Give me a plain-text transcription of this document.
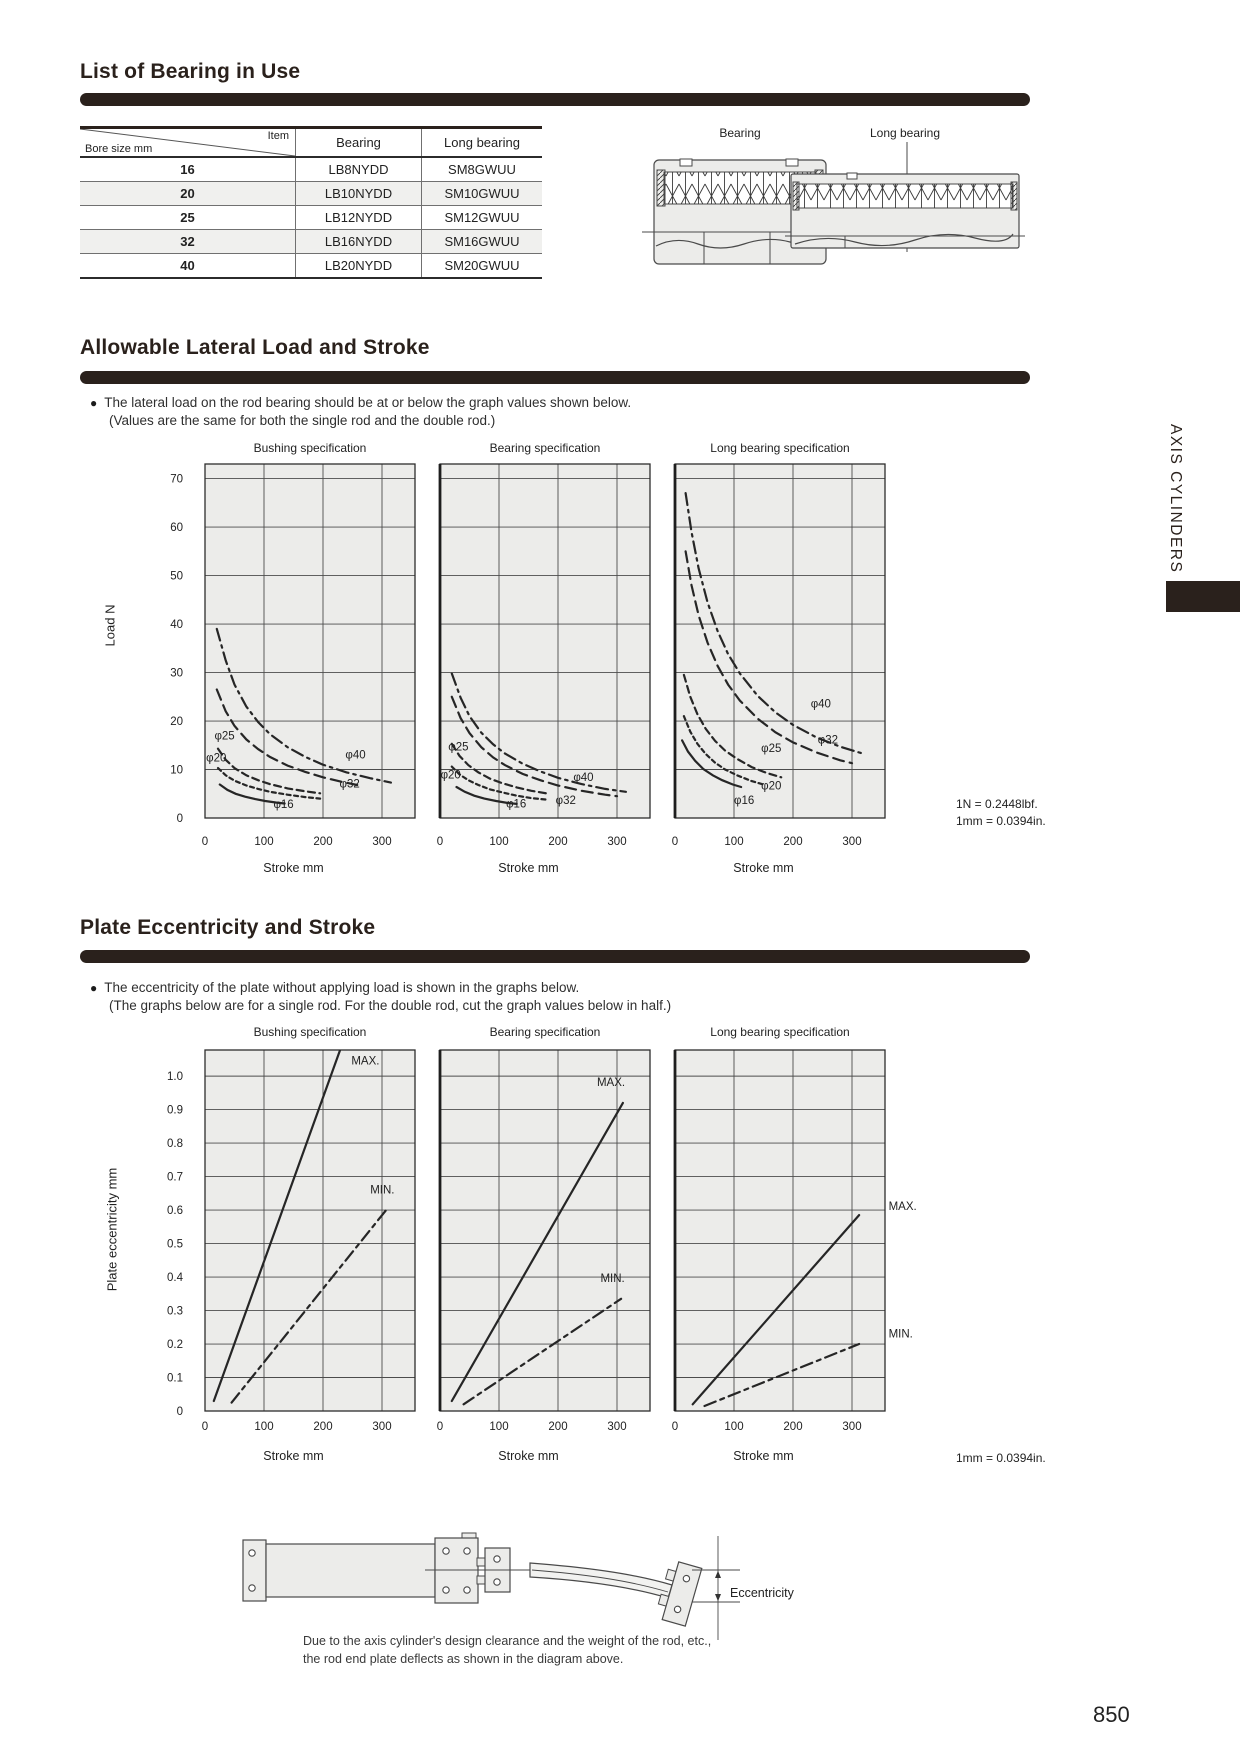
List of Bearing in Use
Item
Bore size mm	Bearing	Long bearing
16	LB8NYDD	SM8GWUU
20	LB10NYDD	SM10GWUU
25	LB12NYDD	SM12GWUU
32	LB16NYDD	SM16GWUU
40	LB20NYDD	SM20GWUU
Bearing	Long bearing
Allowable Lateral Load and Stroke
● The lateral load on the rod bearing should be at or below the graph values shown below.
(Values are the same for both the single rod and the double rod.)
Bushing specification
0	100	200	300
0
10
20
30
40
50
60
70
Stroke mm
φ40
φ32
φ25
φ20
φ16
Bearing specification
0	100	200	300
Stroke mm
φ40
φ32
φ25
φ20
φ16
Long bearing specification
0	100	200	300
Stroke mm
φ40
φ32
φ25
φ20
φ16
Load N
1N = 0.2448lbf.
1mm = 0.0394in.
Plate Eccentricity and Stroke
● The eccentricity of the plate without applying load is shown in the graphs below.
(The graphs below are for a single rod. For the double rod, cut the graph values below in half.)
Bushing specification
0	100	200	300
0
0.1
0.2
0.3
0.4
0.5
0.6
0.7
0.8
0.9
1.0
Stroke mm
MAX.
MIN.
Bearing specification
0	100	200	300
Stroke mm
MAX.
MIN.
Long bearing specification
0	100	200	300
Stroke mm
MAX.
MIN.
Plate eccentricity mm
1mm = 0.0394in.
Eccentricity
Due to the axis cylinder's design clearance and the weight of the rod, etc.,
the rod end plate deflects as shown in the diagram above.
AXIS CYLINDERS
850
